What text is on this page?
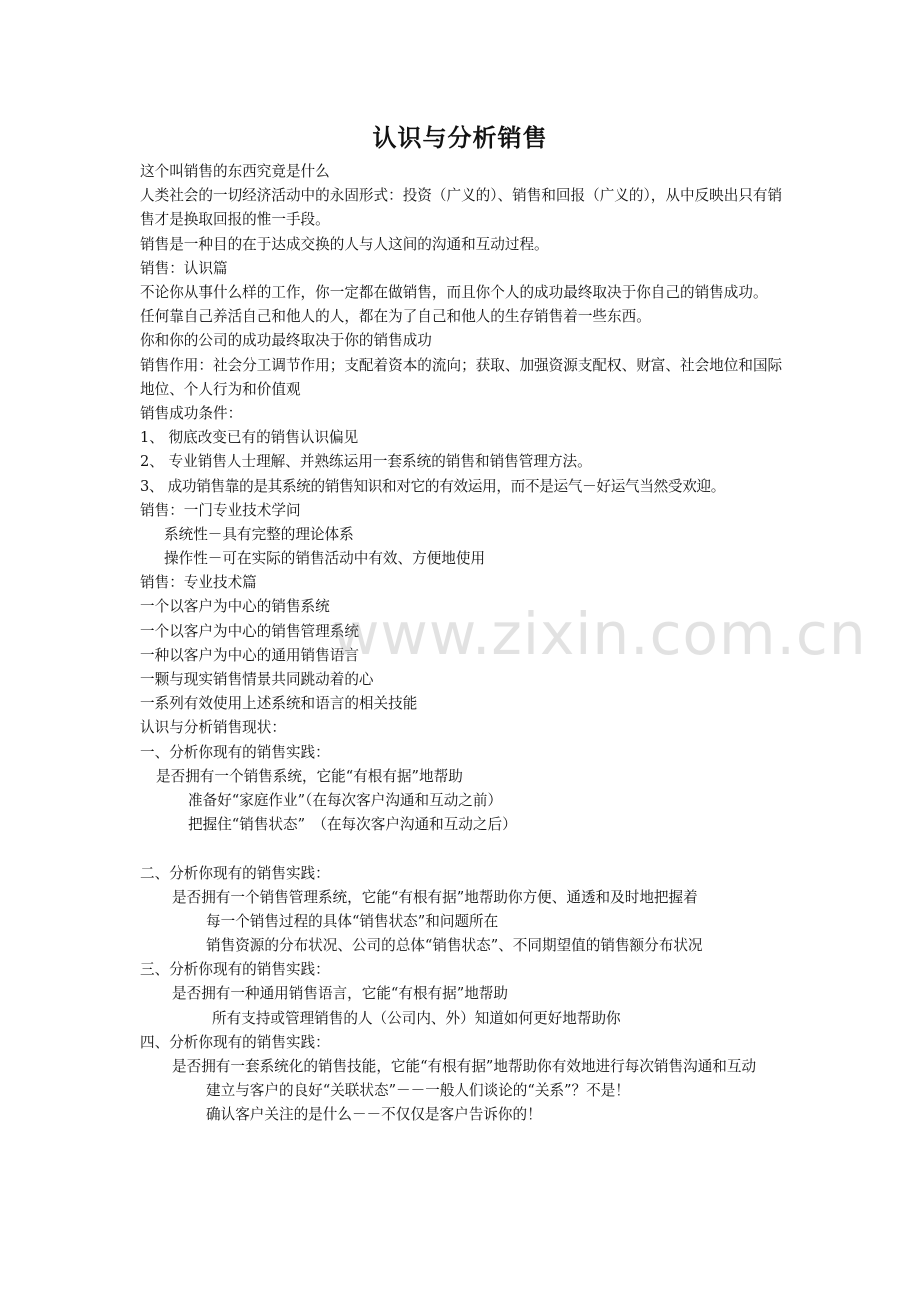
认识与分析销售
这个叫销售的东西究竟是什么
人类社会的一切经济活动中的永固形式：投资（广义的）、销售和回报（广义的），从中反映出只有销售才是换取回报的惟一手段。
销售是一种目的在于达成交换的人与人这间的沟通和互动过程。
销售：认识篇
不论你从事什么样的工作，你一定都在做销售，而且你个人的成功最终取决于你自己的销售成功。
任何靠自己养活自己和他人的人，都在为了自己和他人的生存销售着一些东西。
你和你的公司的成功最终取决于你的销售成功
销售作用：社会分工调节作用；支配着资本的流向；获取、加强资源支配权、财富、社会地位和国际地位、个人行为和价值观
销售成功条件：
1、 彻底改变已有的销售认识偏见
2、 专业销售人士理解、并熟练运用一套系统的销售和销售管理方法。
3、 成功销售靠的是其系统的销售知识和对它的有效运用，而不是运气－好运气当然受欢迎。
销售：一门专业技术学问
系统性－具有完整的理论体系
操作性－可在实际的销售活动中有效、方便地使用
销售：专业技术篇
一个以客户为中心的销售系统
一个以客户为中心的销售管理系统
一种以客户为中心的通用销售语言
一颗与现实销售情景共同跳动着的心
一系列有效使用上述系统和语言的相关技能
认识与分析销售现状：
一、分析你现有的销售实践：
是否拥有一个销售系统，它能“有根有据”地帮助
准备好“家庭作业”（在每次客户沟通和互动之前）
把握住“销售状态”　（在每次客户沟通和互动之后）
二、分析你现有的销售实践：
是否拥有一个销售管理系统，它能“有根有据”地帮助你方便、通透和及时地把握着
每一个销售过程的具体“销售状态”和问题所在
销售资源的分布状况、公司的总体“销售状态”、不同期望值的销售额分布状况
三、分析你现有的销售实践：
是否拥有一种通用销售语言，它能“有根有据”地帮助
所有支持或管理销售的人（公司内、外）知道如何更好地帮助你
四、分析你现有的销售实践：
是否拥有一套系统化的销售技能，它能“有根有据”地帮助你有效地进行每次销售沟通和互动
建立与客户的良好“关联状态”－－一般人们谈论的“关系”？不是！
确认客户关注的是什么－－不仅仅是客户告诉你的！
www.zixin.com.cn
